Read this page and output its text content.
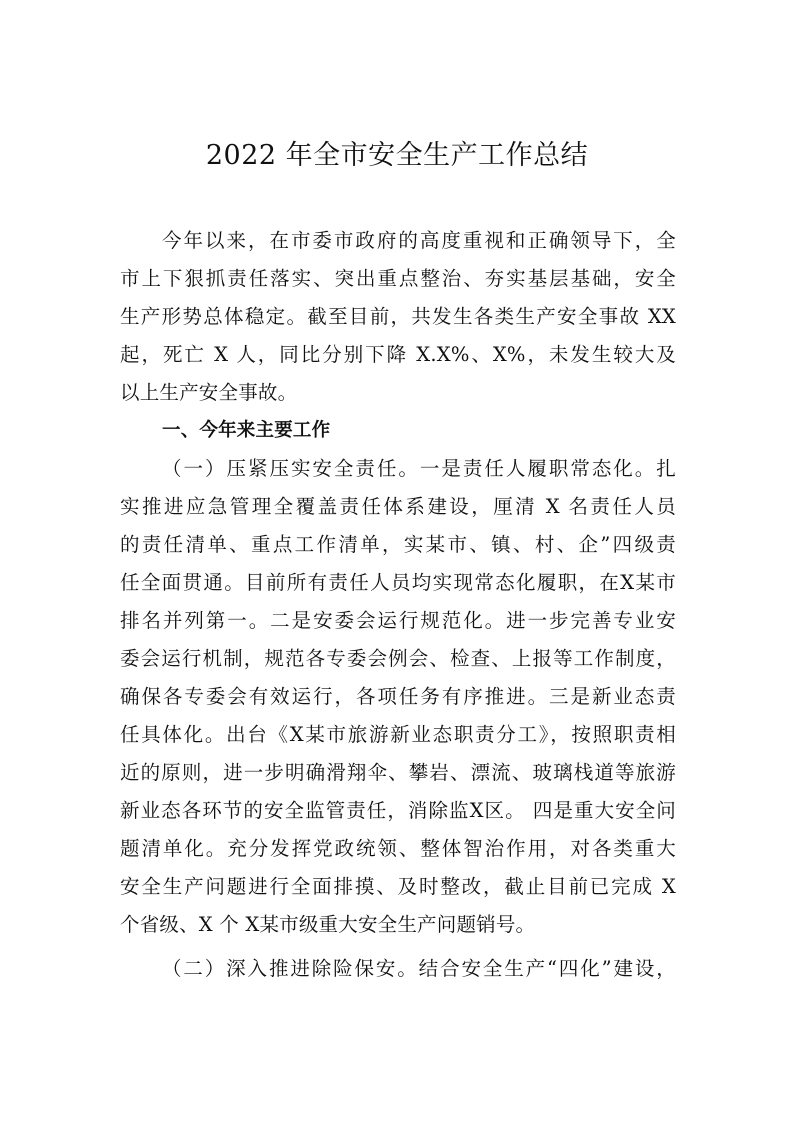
2022 年全市安全生产工作总结
今年以来，在市委市政府的高度重视和正确领导下，全
市上下狠抓责任落实、突出重点整治、夯实基层基础，安全
生产形势总体稳定。截至目前，共发生各类生产安全事故 XX
起，死亡 X 人，同比分别下降 X.X%、X%，未发生较大及
以上生产安全事故。
一、今年来主要工作
（一）压紧压实安全责任。一是责任人履职常态化。扎
实推进应急管理全覆盖责任体系建设，厘清 X 名责任人员
的责任清单、重点工作清单，实某市、镇、村、企”四级责
任全面贯通。目前所有责任人员均实现常态化履职，在X某市
排名并列第一。二是安委会运行规范化。进一步完善专业安
委会运行机制，规范各专委会例会、检查、上报等工作制度，
确保各专委会有效运行，各项任务有序推进。三是新业态责
任具体化。出台《X某市旅游新业态职责分工》，按照职责相
近的原则，进一步明确滑翔伞、攀岩、漂流、玻璃栈道等旅游
新业态各环节的安全监管责任，消除监X区。 四是重大安全问
题清单化。充分发挥党政统领、整体智治作用，对各类重大
安全生产问题进行全面排摸、及时整改，截止目前已完成 X
个省级、X 个 X某市级重大安全生产问题销号。
（二）深入推进除险保安。结合安全生产“四化”建设，
